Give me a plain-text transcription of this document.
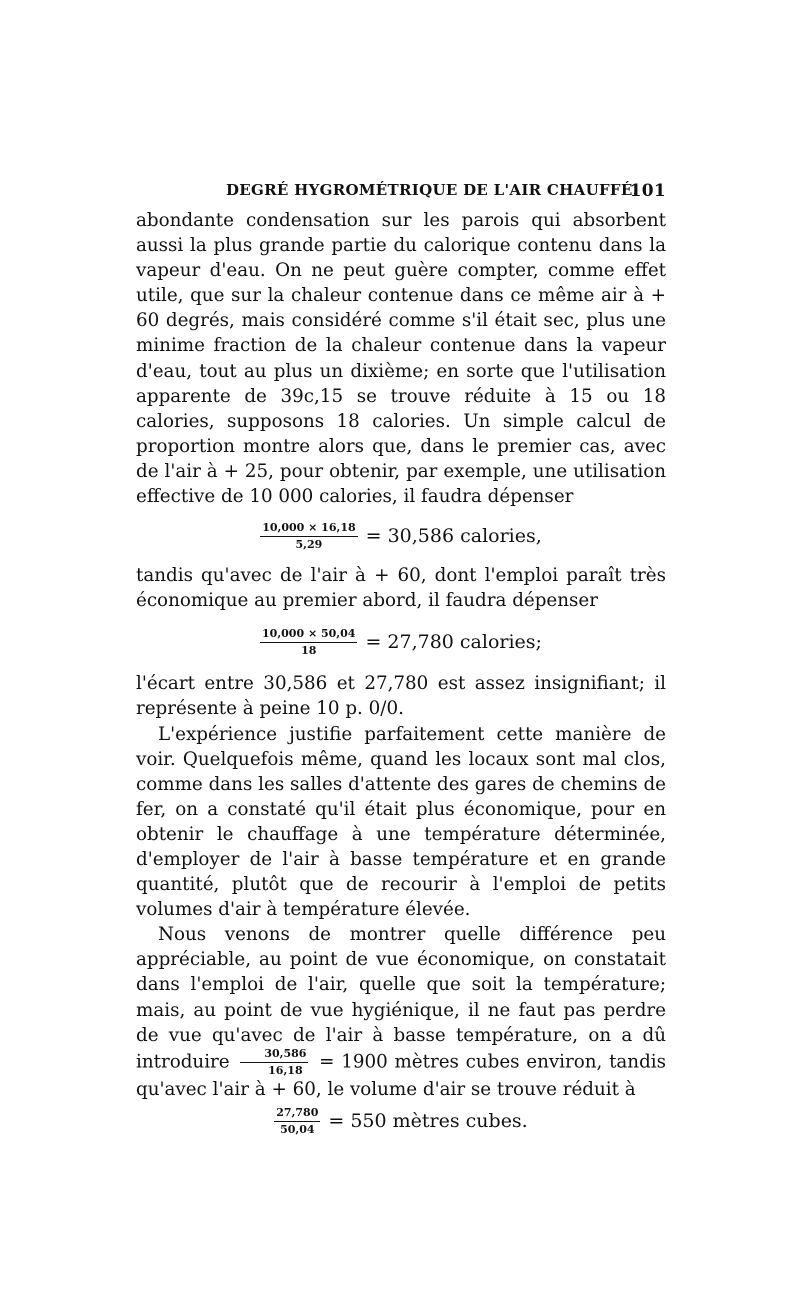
DEGRÉ HYGROMÉTRIQUE DE L'AIR CHAUFFÉ.
101

abondante condensation sur les parois qui absorbent aussi la plus grande partie du calorique contenu dans la vapeur d'eau. On ne peut guère compter, comme effet utile, que sur la chaleur contenue dans ce même air à + 60 degrés, mais considéré comme s'il était sec, plus une minime fraction de la chaleur contenue dans la vapeur d'eau, tout au plus un dixième; en sorte que l'utilisation apparente de 39c,15 se trouve réduite à 15 ou 18 calories, supposons 18 calories. Un simple calcul de proportion montre alors que, dans le premier cas, avec de l'air à + 25, pour obtenir, par exemple, une utilisation effective de 10 000 calories, il faudra dépenser

$\frac{10,000 \times 16,18}{5,29} = 30,586$ calories,

tandis qu'avec de l'air à + 60, dont l'emploi paraît très économique au premier abord, il faudra dépenser

$\frac{10,000 \times 50,04}{18} = 27,780$ calories;

l'écart entre 30,586 et 27,780 est assez insignifiant; il représente à peine 10 p. 0/0.

L'expérience justifie parfaitement cette manière de voir. Quelquefois même, quand les locaux sont mal clos, comme dans les salles d'attente des gares de chemins de fer, on a constaté qu'il était plus économique, pour en obtenir le chauffage à une température déterminée, d'employer de l'air à basse température et en grande quantité, plutôt que de recourir à l'emploi de petits volumes d'air à température élevée.

Nous venons de montrer quelle différence peu appréciable, au point de vue économique, on constatait dans l'emploi de l'air, quelle que soit la température; mais, au point de vue hygiénique, il ne faut pas perdre de vue qu'avec de l'air à basse température, on a dû introduire $\frac{30,586}{16,18} = 1900$ mètres cubes environ, tandis qu'avec l'air à + 60, le volume d'air se trouve réduit à

$\frac{27,780}{50,04} = 550$ mètres cubes.
